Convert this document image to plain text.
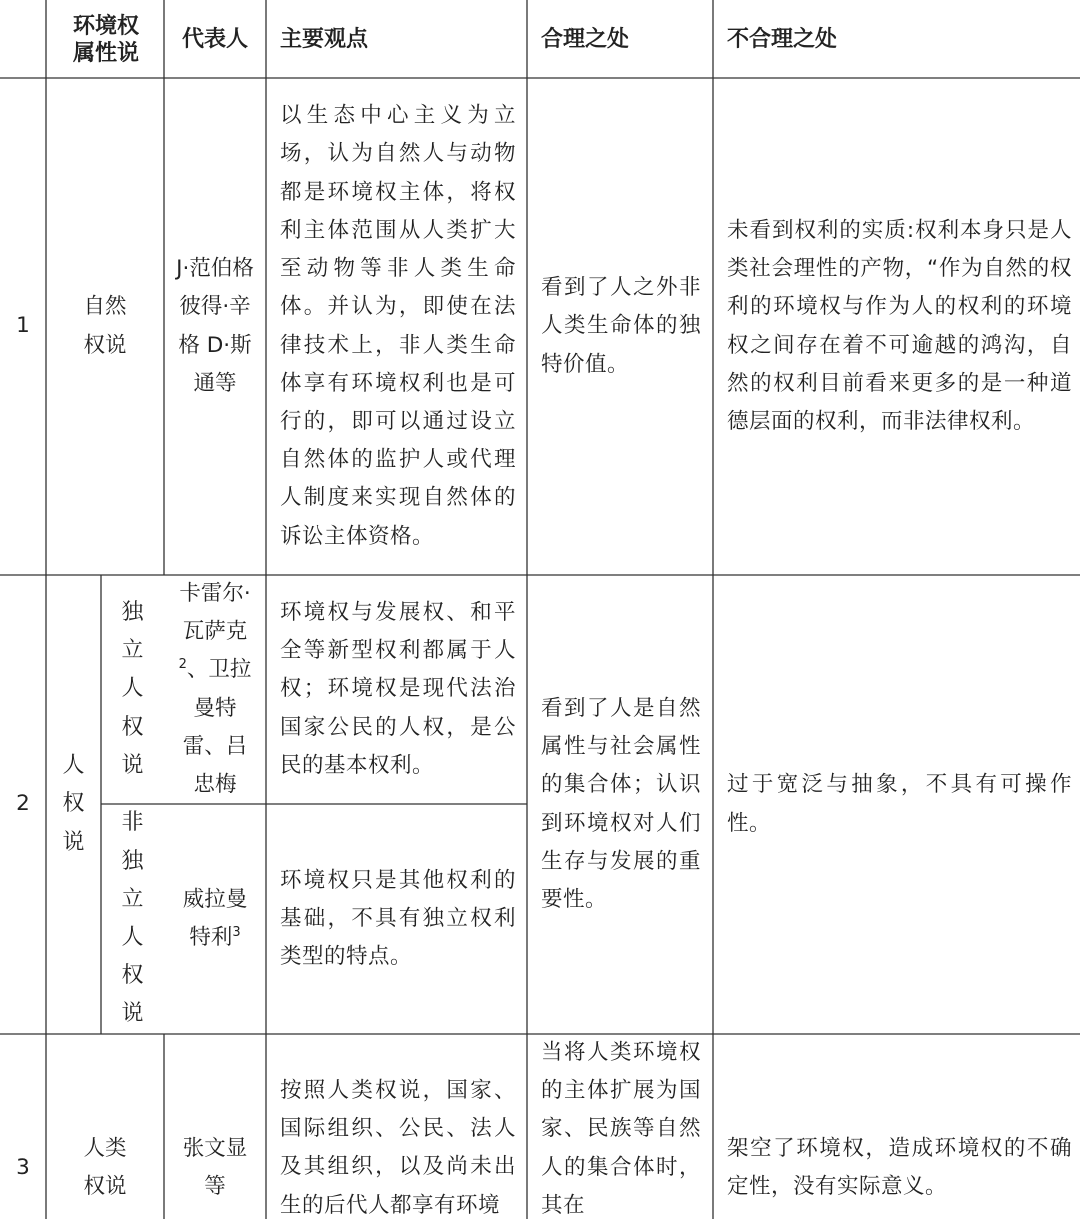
环境权属性说
代表人 主要观点	合理之处	不合理之处
1
自然权说
J·范伯格 彼得·辛格 D·斯通等
以生态中心主义为立场，认为自然人与动物都是环境权主体，将权利主体范围从人类扩大至动物等非人类生命体。并认为，即使在法律技术上，非人类生命体享有环境权利也是可行的，即可以通过设立自然体的监护人或代理人制度来实现自然体的诉讼主体资格。
看到了人之外非人类生命体的独特价值。
未看到权利的实质:权利本身只是人类社会理性的产物，“作为自然的权利的环境权与作为人的权利的环境权之间存在着不可逾越的鸿沟，自然的权利目前看来更多的是一种道德层面的权利，而非法律权利。
2
人权说
独立人权说
非独立人权说
卡雷尔·瓦萨克$^2$、卫拉曼特雷、吕忠梅
威拉曼特利$^3$
环境权与发展权、和平全等新型权利都属于人权；环境权是现代法治国家公民的人权，是公民的基本权利。
环境权只是其他权利的基础，不具有独立权利类型的特点。
看到了人是自然属性与社会属性的集合体；认识到环境权对人们生存与发展的重要性。
过于宽泛与抽象，不具有可操作性。
3
人类权说
张文显等
按照人类权说，国家、国际组织、公民、法人及其组织，以及尚未出生的后代人都享有环境
当将人类环境权的主体扩展为国家、民族等自然人的集合体时，其在
架空了环境权，造成环境权的不确定性，没有实际意义。
